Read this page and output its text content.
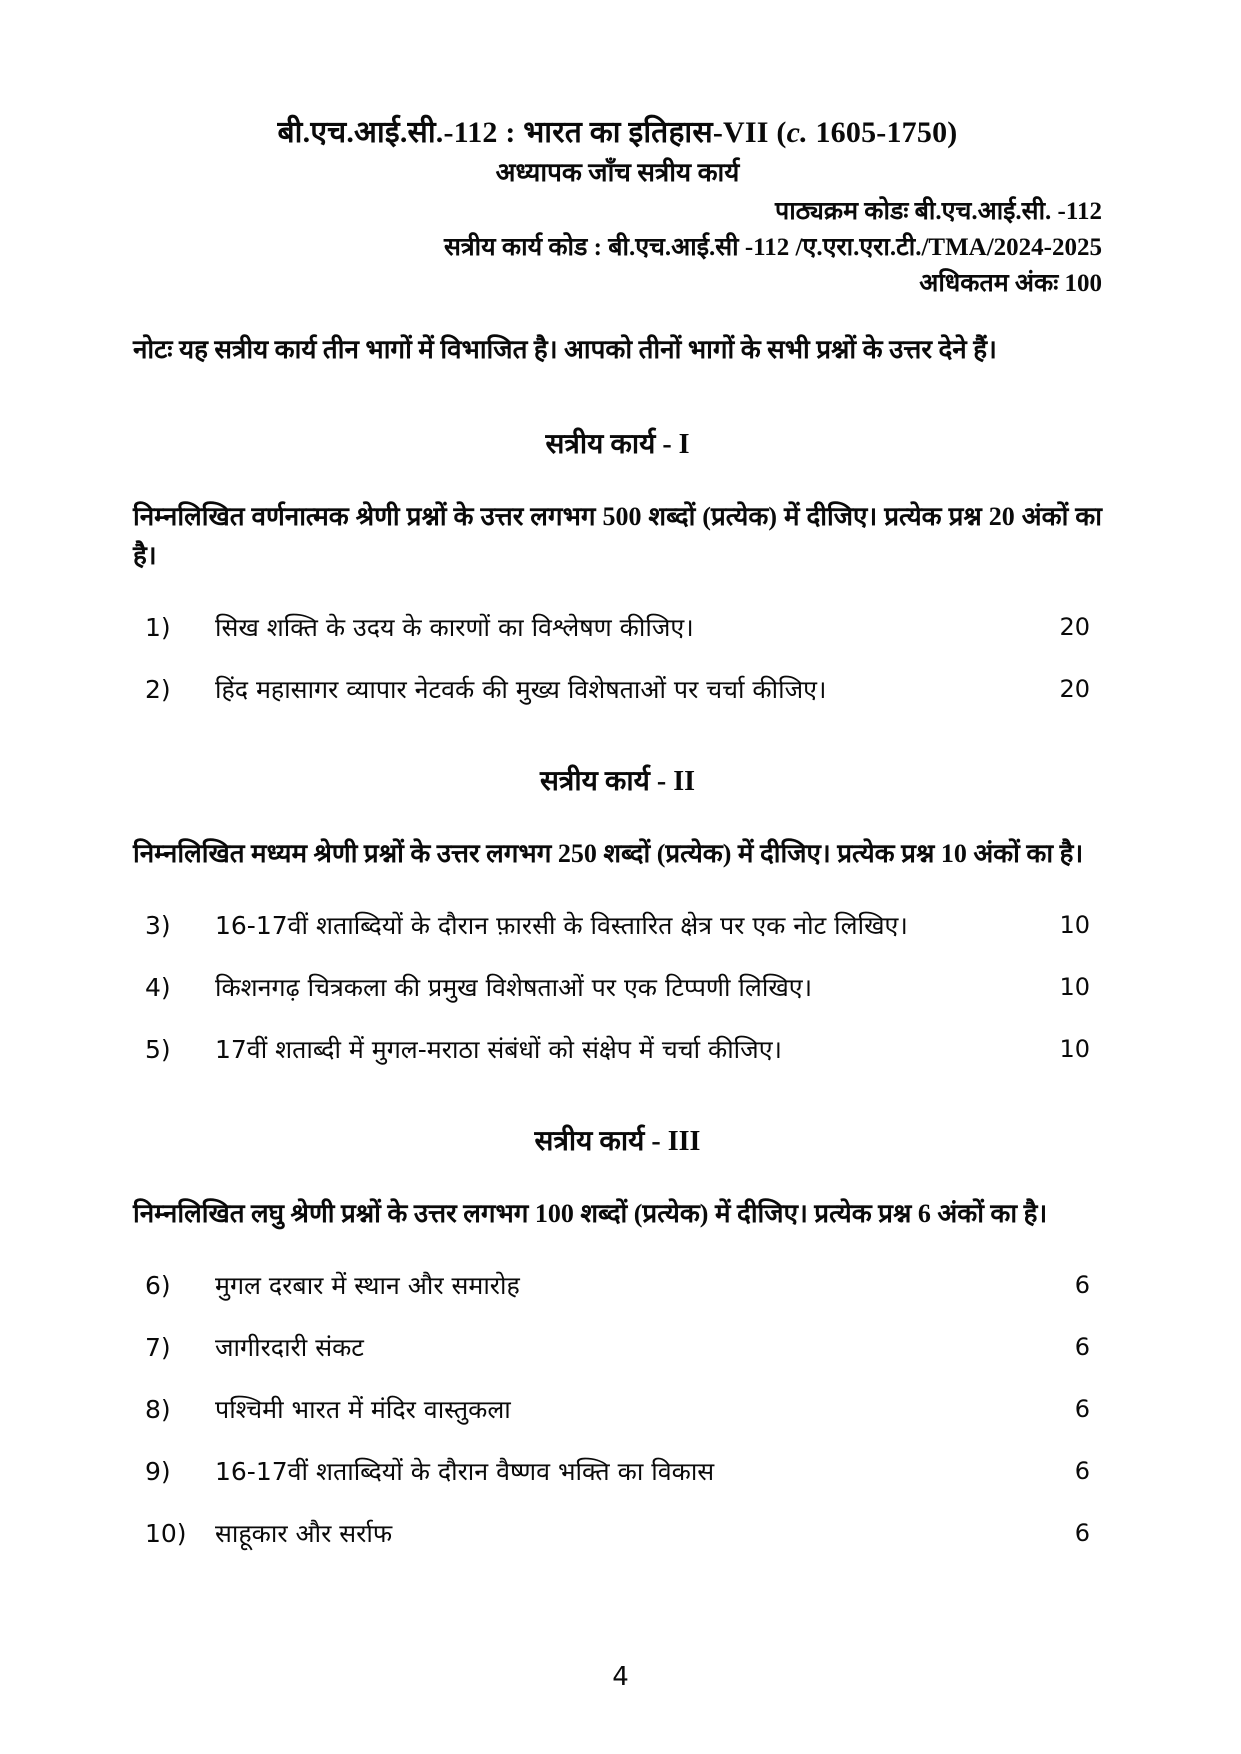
बी.एच.आई.सी.-112 : भारत का इतिहास-VII (c. 1605-1750)
अध्यापक जाँच सत्रीय कार्य
पाठ्यक्रम कोडः बी.एच.आई.सी. -112
सत्रीय कार्य कोड : बी.एच.आई.सी -112 /ए.एरा.एरा.टी./TMA/2024-2025
अधिकतम अंकः 100
नोटः यह सत्रीय कार्य तीन भागों में विभाजित है। आपको तीनों भागों के सभी प्रश्नों के उत्तर देने हैं।
सत्रीय कार्य - I
निम्नलिखित वर्णनात्मक श्रेणी प्रश्नों के उत्तर लगभग 500 शब्दों (प्रत्येक) में दीजिए। प्रत्येक प्रश्न 20 अंकों का है।
1)	सिख शक्ति के उदय के कारणों का विश्लेषण कीजिए।	20
2)	हिंद महासागर व्यापार नेटवर्क की मुख्य विशेषताओं पर चर्चा कीजिए।	20
सत्रीय कार्य - II
निम्नलिखित मध्यम श्रेणी प्रश्नों के उत्तर लगभग 250 शब्दों (प्रत्येक) में दीजिए। प्रत्येक प्रश्न 10 अंकों का है।
3)	16-17वीं शताब्दियों के दौरान फ़ारसी के विस्तारित क्षेत्र पर एक नोट लिखिए।	10
4)	किशनगढ़ चित्रकला की प्रमुख विशेषताओं पर एक टिप्पणी लिखिए।	10
5)	17वीं शताब्दी में मुगल-मराठा संबंधों को संक्षेप में चर्चा कीजिए।	10
सत्रीय कार्य - III
निम्नलिखित लघु श्रेणी प्रश्नों के उत्तर लगभग 100 शब्दों (प्रत्येक) में दीजिए। प्रत्येक प्रश्न 6 अंकों का है।
6)	मुगल दरबार में स्थान और समारोह	6
7)	जागीरदारी संकट	6
8)	पश्चिमी भारत में मंदिर वास्तुकला	6
9)	16-17वीं शताब्दियों के दौरान वैष्णव भक्ति का विकास	6
10)	साहूकार और सर्राफ	6
4
